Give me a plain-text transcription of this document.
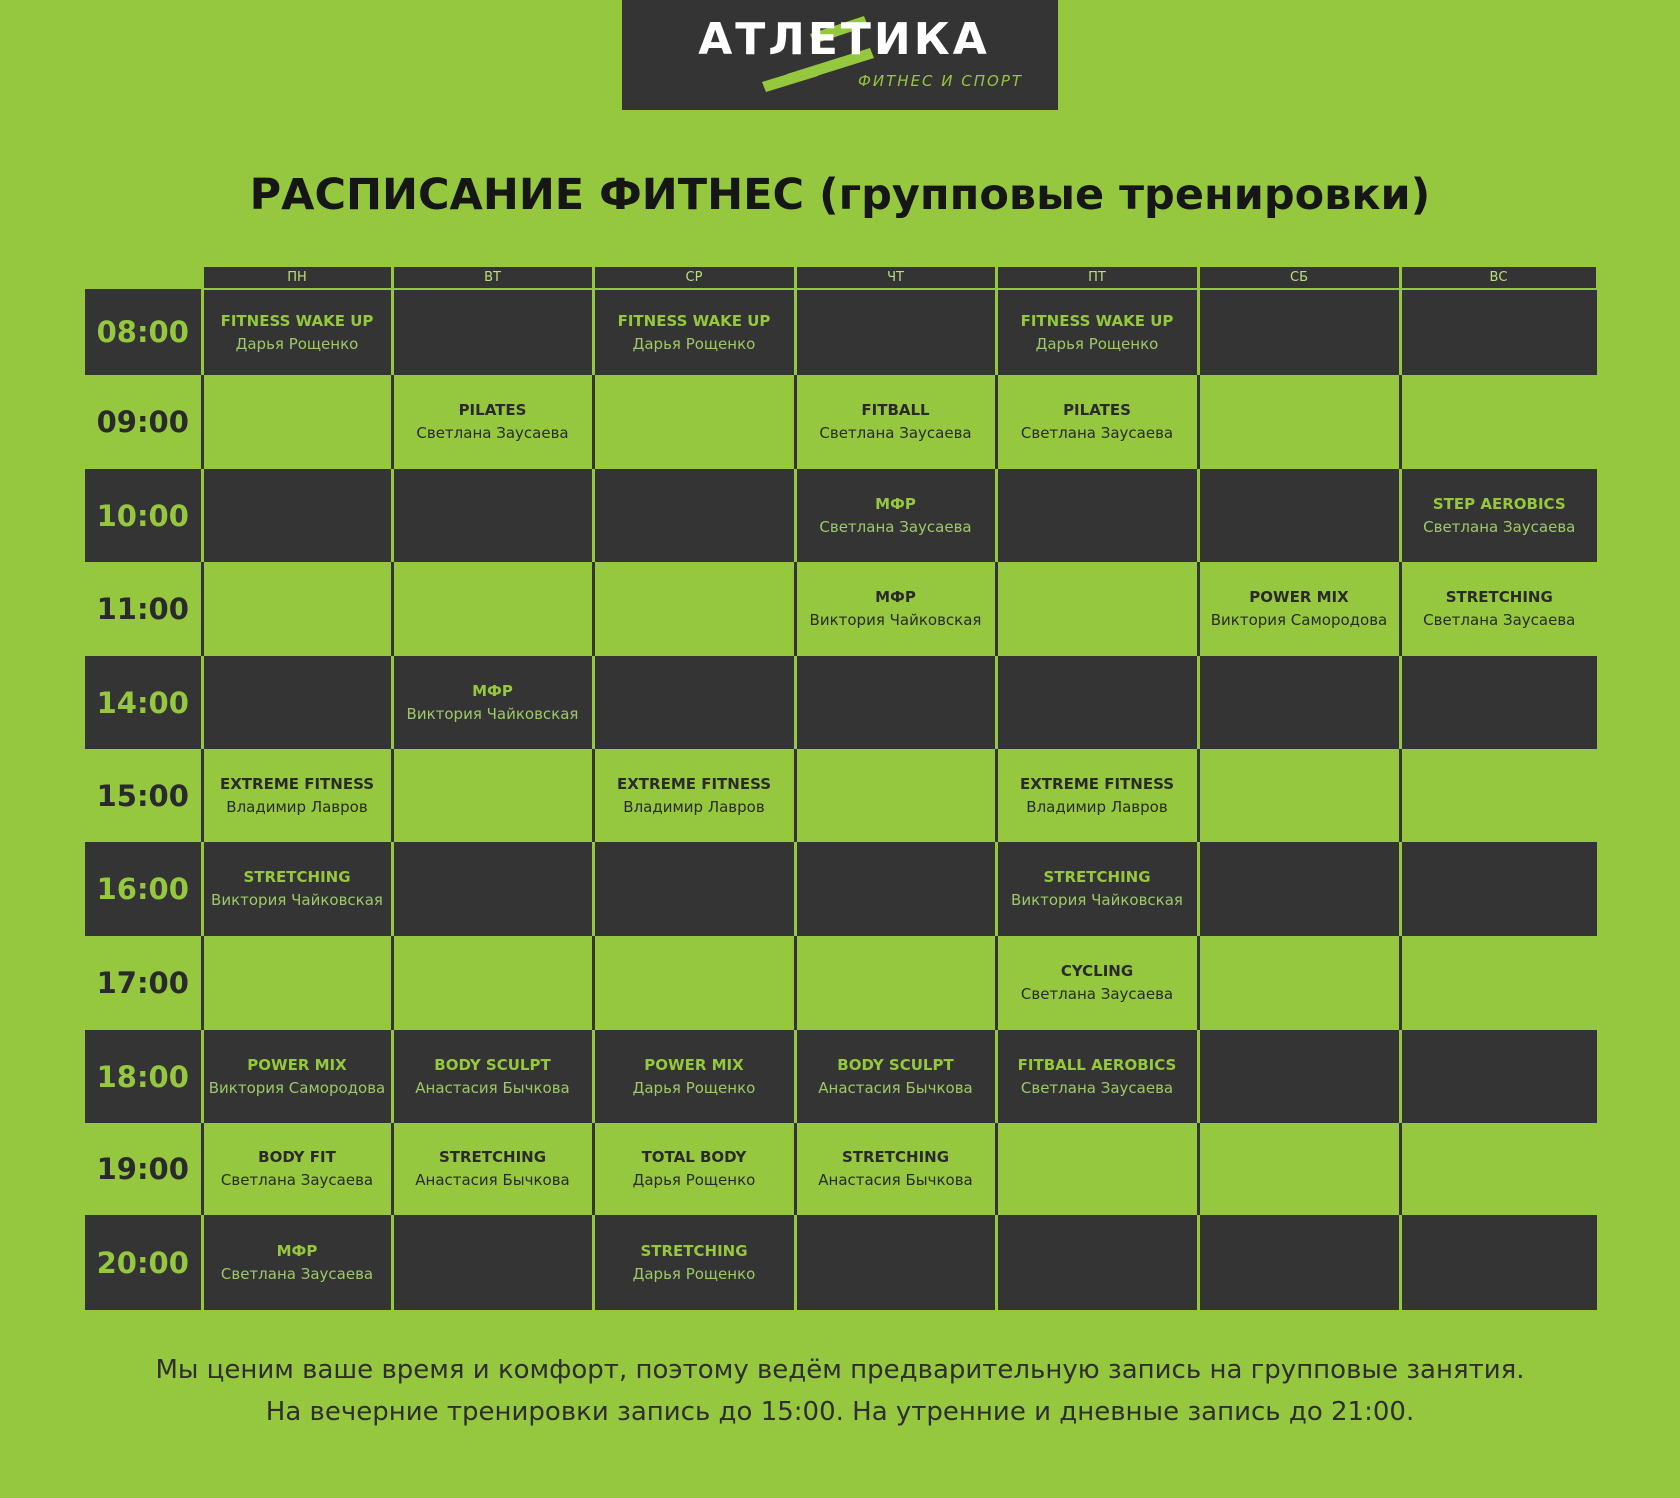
АТЛЕТИКА
ФИТНЕС И СПОРТ
РАСПИСАНИЕ ФИТНЕС (групповые тренировки)
	ПН	ВТ	СР	ЧТ	ПТ	СБ	ВС
08:00	FITNESS WAKE UP
Дарья Рощенко		FITNESS WAKE UP
Дарья Рощенко		FITNESS WAKE UP
Дарья Рощенко		

09:00		PILATES
Светлана Заусаева		FITBALL
Светлана Заусаева	PILATES
Светлана Заусаева		

10:00				МФР
Светлана Заусаева			STEP AEROBICS
Светлана Заусаева

11:00				МФР
Виктория Чайковская		POWER MIX
Виктория Самородова	STRETCHING
Светлана Заусаева

14:00		МФР
Виктория Чайковская					

15:00	EXTREME FITNESS
Владимир Лавров		EXTREME FITNESS
Владимир Лавров		EXTREME FITNESS
Владимир Лавров		

16:00	STRETCHING
Виктория Чайковская				STRETCHING
Виктория Чайковская		

17:00					CYCLING
Светлана Заусаева		

18:00	POWER MIX
Виктория Самородова	BODY SCULPT
Анастасия Бычкова	POWER MIX
Дарья Рощенко	BODY SCULPT
Анастасия Бычкова	FITBALL AEROBICS
Светлана Заусаева		

19:00	BODY FIT
Светлана Заусаева	STRETCHING
Анастасия Бычкова	TOTAL BODY
Дарья Рощенко	STRETCHING
Анастасия Бычкова			

20:00	МФР
Светлана Заусаева		STRETCHING
Дарья Рощенко				

Мы ценим ваше время и комфорт, поэтому ведём предварительную запись на групповые занятия.
На вечерние тренировки запись до 15:00. На утренние и дневные запись до 21:00.
